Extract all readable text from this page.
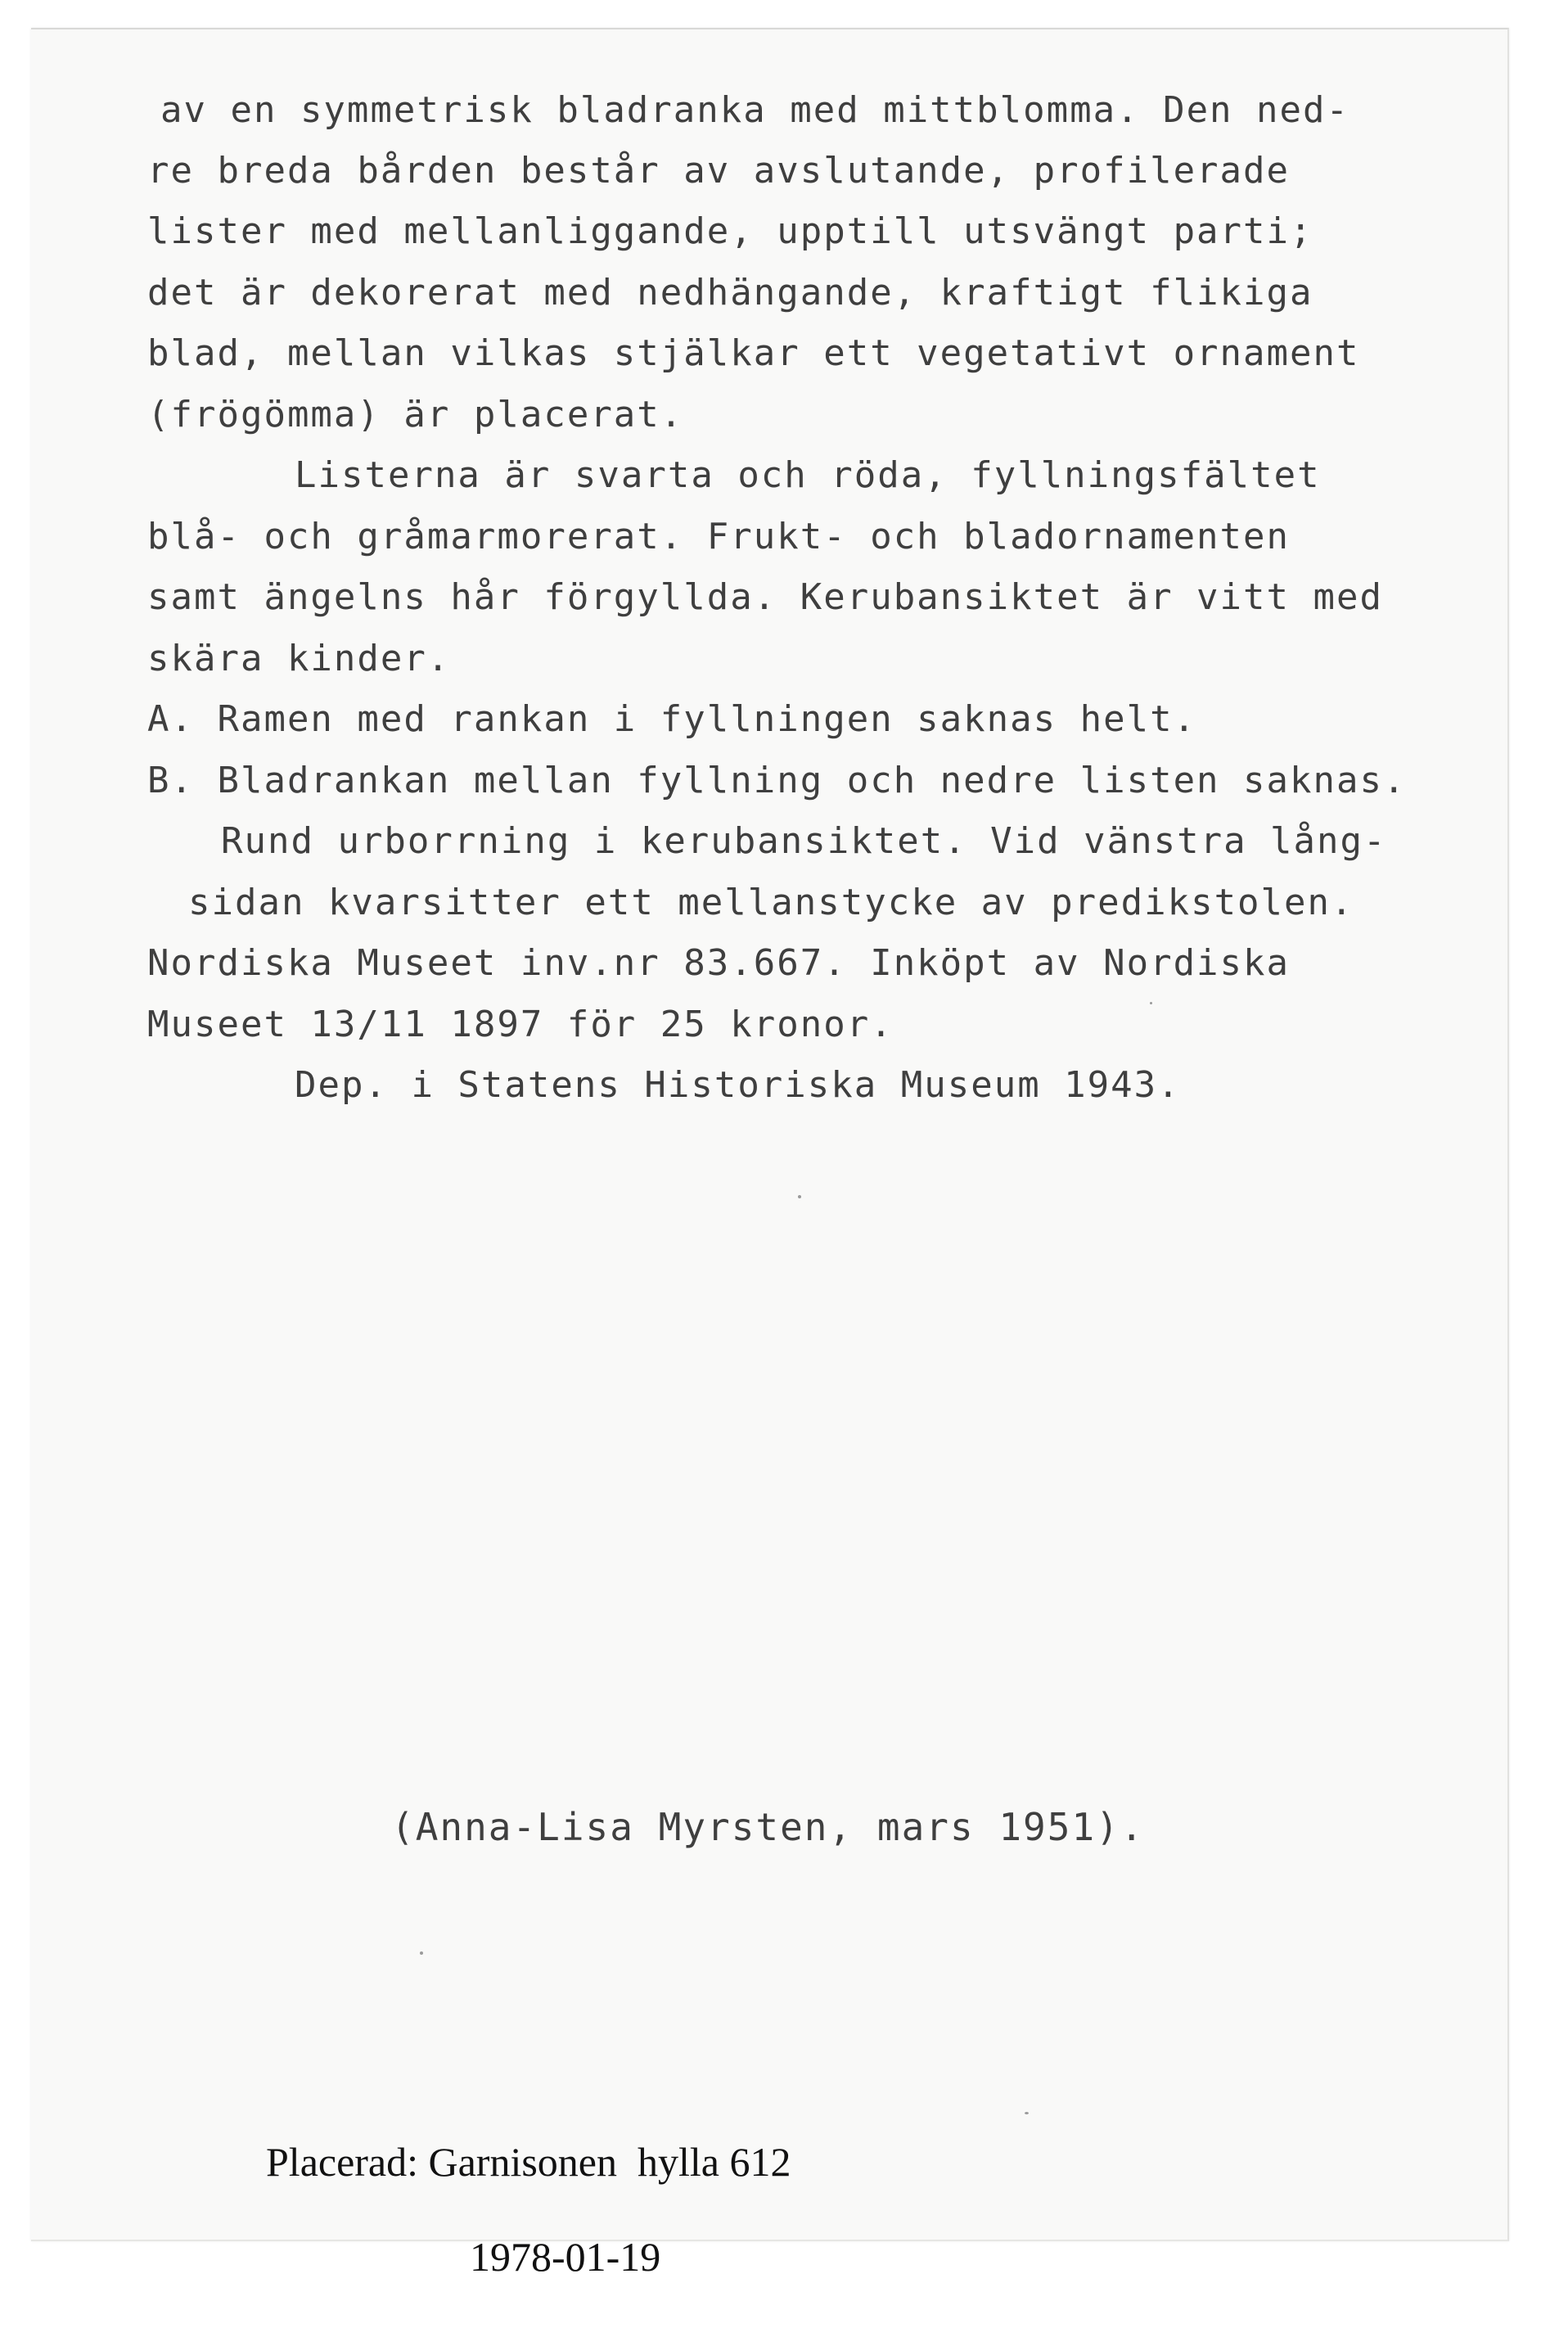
av en symmetrisk bladranka med mittblomma. Den ned-
re breda bården består av avslutande, profilerade
lister med mellanliggande, upptill utsvängt parti;
det är dekorerat med nedhängande, kraftigt flikiga
blad, mellan vilkas stjälkar ett vegetativt ornament
(frögömma) är placerat.
Listerna är svarta och röda, fyllningsfältet
blå- och gråmarmorerat. Frukt- och bladornamenten
samt ängelns hår förgyllda. Kerubansiktet är vitt med
skära kinder.
A. Ramen med rankan i fyllningen saknas helt.
B. Bladrankan mellan fyllning och nedre listen saknas.
Rund urborrning i kerubansiktet. Vid vänstra lång-
sidan kvarsitter ett mellanstycke av predikstolen.
Nordiska Museet inv.nr 83.667. Inköpt av Nordiska
Museet 13/11 1897 för 25 kronor.
Dep. i Statens Historiska Museum 1943.
(Anna-Lisa Myrsten, mars 1951).

Placerad: Garnisonen  hylla 612

1978-01-19
